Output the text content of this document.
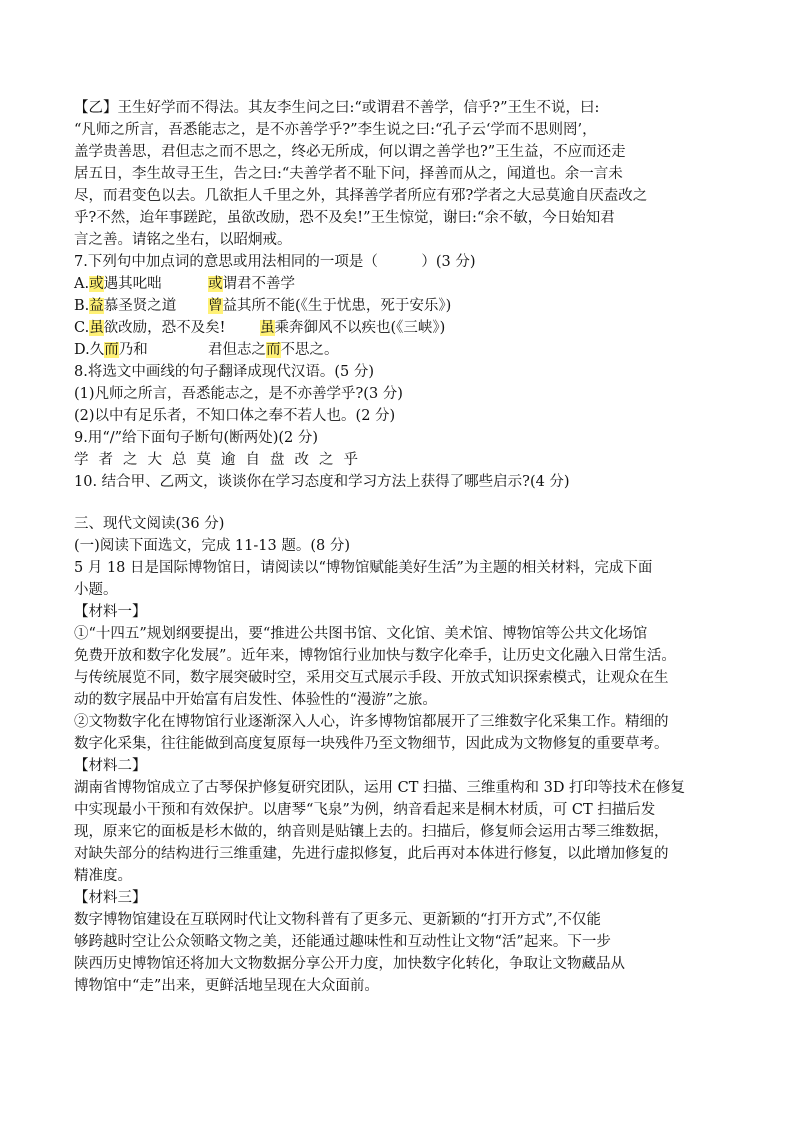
【乙】王生好学而不得法。其友李生问之曰:“或谓君不善学，信乎?”王生不说，曰:
“凡师之所言，吾悉能志之，是不亦善学乎?”李生说之曰:“孔子云‘学而不思则罔’，
盖学贵善思，君但志之而不思之，终必无所成，何以谓之善学也?”王生益，不应而还走
居五日，李生故寻王生，告之曰:“夫善学者不耻下问，择善而从之，闻道也。余一言未
尽，而君变色以去。几欲拒人千里之外，其择善学者所应有邪?学者之大忌莫逾自厌盍改之
乎?不然，迨年事蹉跎，虽欲改励，恐不及矣!”王生惊觉，谢曰:“余不敏，今日始知君
言之善。请铭之坐右，以昭炯戒。
7.下列句中加点词的意思或用法相同的一项是（　　　）(3 分)
A.或遇其叱咄	或谓君不善学
B.益慕圣贤之道 曾益其所不能(《生于忧患，死于安乐》)
C.虽欲改励，恐不及矣! 虽乘奔御风不以疾也(《三峡》)
D.久而乃和	君但志之而不思之。
8.将选文中画线的句子翻译成现代汉语。(5 分)
(1)凡师之所言，吾悉能志之，是不亦善学乎?(3 分)
(2)以中有足乐者，不知口体之奉不若人也。(2 分)
9.用“/”给下面句子断句(断两处)(2 分)
学者之大总莫逾自盘改之乎
10. 结合甲、乙两文，谈谈你在学习态度和学习方法上获得了哪些启示?(4 分)
三、现代文阅读(36 分)
(一)阅读下面选文，完成 11-13 题。(8 分)
5 月 18 日是国际博物馆日，请阅读以“博物馆赋能美好生活”为主题的相关材料，完成下面
小题。
【材料一】
①“十四五”规划纲要提出，要“推进公共图书馆、文化馆、美术馆、博物馆等公共文化场馆
免费开放和数字化发展”。近年来，博物馆行业加快与数字化牵手，让历史文化融入日常生活。
与传统展览不同，数字展突破时空，采用交互式展示手段、开放式知识探索模式，让观众在生
动的数字展品中开始富有启发性、体验性的“漫游”之旅。
②文物数字化在博物馆行业逐渐深入人心，许多博物馆都展开了三维数字化采集工作。精细的
数字化采集，往往能做到高度复原每一块残件乃至文物细节，因此成为文物修复的重要草考。
【材料二】
湖南省博物馆成立了古琴保护修复研究团队，运用 CT 扫描、三维重构和 3D 打印等技术在修复
中实现最小干预和有效保护。以唐琴“飞泉”为例，纳音看起来是桐木材质，可 CT 扫描后发
现，原来它的面板是杉木做的，纳音则是贴镶上去的。扫描后，修复师会运用古琴三维数据，
对缺失部分的结构进行三维重建，先进行虚拟修复，此后再对本体进行修复，以此增加修复的
精准度。
【材料三】
数字博物馆建设在互联网时代让文物科普有了更多元、更新颖的“打开方式”,不仅能
够跨越时空让公众领略文物之美，还能通过趣味性和互动性让文物“活”起来。下一步
陕西历史博物馆还将加大文物数据分享公开力度，加快数字化转化，争取让文物藏品从
博物馆中“走”出来，更鲜活地呈现在大众面前。
